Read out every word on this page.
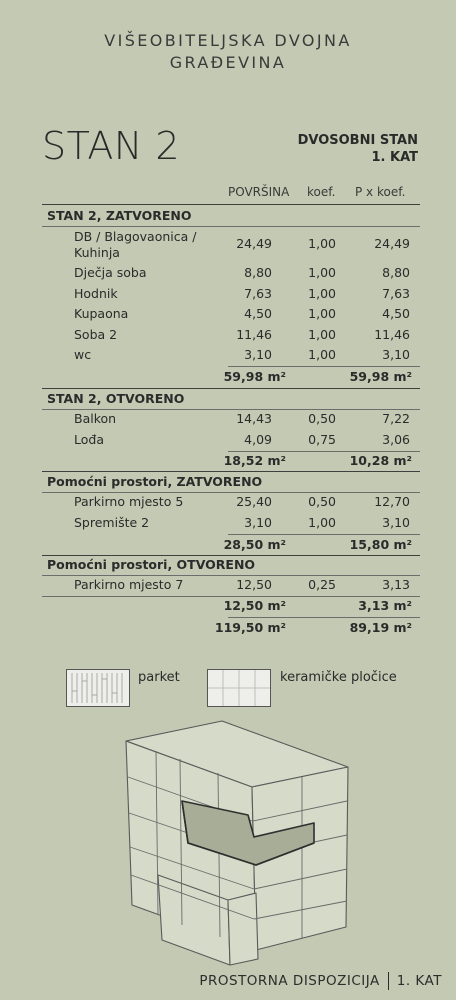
VIŠEOBITELJSKA DVOJNA
GRAĐEVINA
STAN 2	DVOSOBNI STAN
1. KAT
POVRŠINA koef. P x koef.
STAN 2, ZATVORENO
DB / Blagovaonica /
Kuhinja
24,49	1,00	24,49
Dječja soba	8,80	1,00	8,80
Hodnik	7,63	1,00	7,63
Kupaona	4,50	1,00	4,50
Soba 2	11,46	1,00	11,46
wc	3,10	1,00	3,10
59,98 m²	59,98 m²
STAN 2, OTVORENO
Balkon	14,43	0,50	7,22
Lođa	4,09	0,75	3,06
18,52 m²	10,28 m²
Pomoćni prostori, ZATVORENO
Parkirno mjesto 5	25,40	0,50	12,70
Spremište 2	3,10	1,00	3,10
28,50 m²	15,80 m²
Pomoćni prostori, OTVORENO
Parkirno mjesto 7	12,50	0,25	3,13
12,50 m²	3,13 m²
119,50 m²	89,19 m²
parket	keramičke pločice
PROSTORNA DISPOZICIJA 1. KAT
